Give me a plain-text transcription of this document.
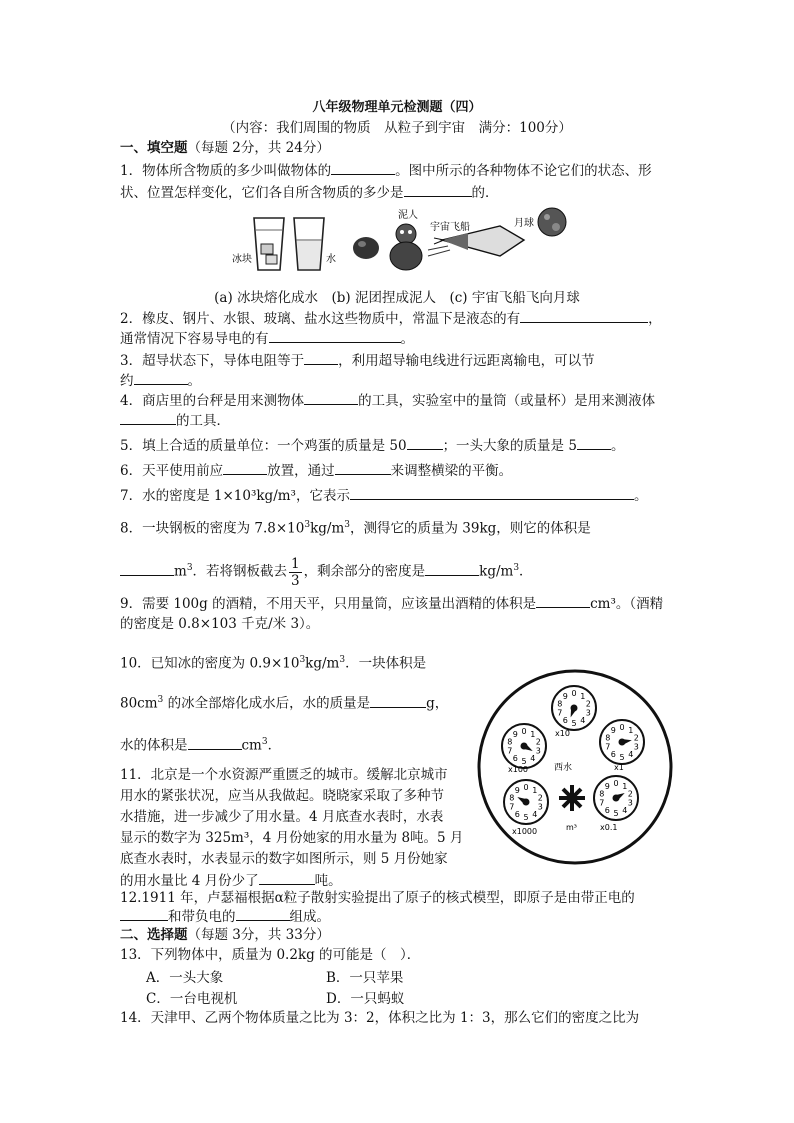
八年级物理单元检测题（四）
（内容：我们周围的物质　从粒子到宇宙　满分：100分）
一、填空题（每题 2分，共 24分）
1．物体所含物质的多少叫做物体的	。图中所示的各种物体不论它们的状态、形
状、位置怎样变化，它们各自所含物质的多少是	的．
冰块	水
泥人
宇宙飞船	月球
(a) 冰块熔化成水　(b) 泥团捏成泥人　(c) 宇宙飞船飞向月球
2．橡皮、钢片、水银、玻璃、盐水这些物质中，常温下是液态的有	，
通常情况下容易导电的有	。
3．超导状态下，导体电阻等于	，利用超导输电线进行远距离输电，可以节
约	。
4．商店里的台秤是用来测物体	的工具，实验室中的量筒（或量杯）是用来测液体
的工具．
5．填上合适的质量单位：一个鸡蛋的质量是 50	；一头大象的质量是 5	。
6．天平使用前应	放置，通过	来调整横梁的平衡。
7．水的密度是 1×10³kg/m³，它表示	。
8．一块钢板的密度为 $7.8\times 10^3kg/m^3$，测得它的质量为 39kg，则它的体积是
$m^3$．若将钢板截去 $\frac{1}{3}$ ，剩余部分的密度是	$kg/m^3$．
9．需要 100g 的酒精，不用天平，只用量筒，应该量出酒精的体积是	cm³。（酒精
的密度是 0.8×103 千克/米 3）。
10．已知冰的密度为 $0.9\times 10^3kg/m^3$．一块体积是
$80cm^3$ 的冰全部熔化成水后，水的质量是	g，
水的体积是	$cm^3$．
11．北京是一个水资源严重匮乏的城市。缓解北京城市
用水的紧张状况，应当从我做起。晓晓家采取了多种节
水措施，进一步减少了用水量。4 月底查水表时，水表
显示的数字为 325m³，4 月份她家的用水量为 8吨。5 月
底查水表时，水表显示的数字如图所示，则 5 月份她家
的用水量比 4 月份少了	吨。
0 1
2
3
4
5
6
7
8
9
0 1
2
3
4
5
6
7
8
9
0 1
2
3
4
5
6
7
8
9
0 1
2
3
4
5
6
7
8
9
0 1
2
3
4
5
6
7
8
9
西水
m³
x10
x100	x1
x1000	x0.1
12.1911 年，卢瑟福根据α粒子散射实验提出了原子的核式模型，即原子是由带正电的
和带负电的	组成。
二、选择题（每题 3分，共 33分）
13．下列物体中，质量为 0.2kg 的可能是（　）．
A．一头大象	B．一只苹果
C．一台电视机	D．一只蚂蚁
14．天津甲、乙两个物体质量之比为 3：2，体积之比为 1：3，那么它们的密度之比为
